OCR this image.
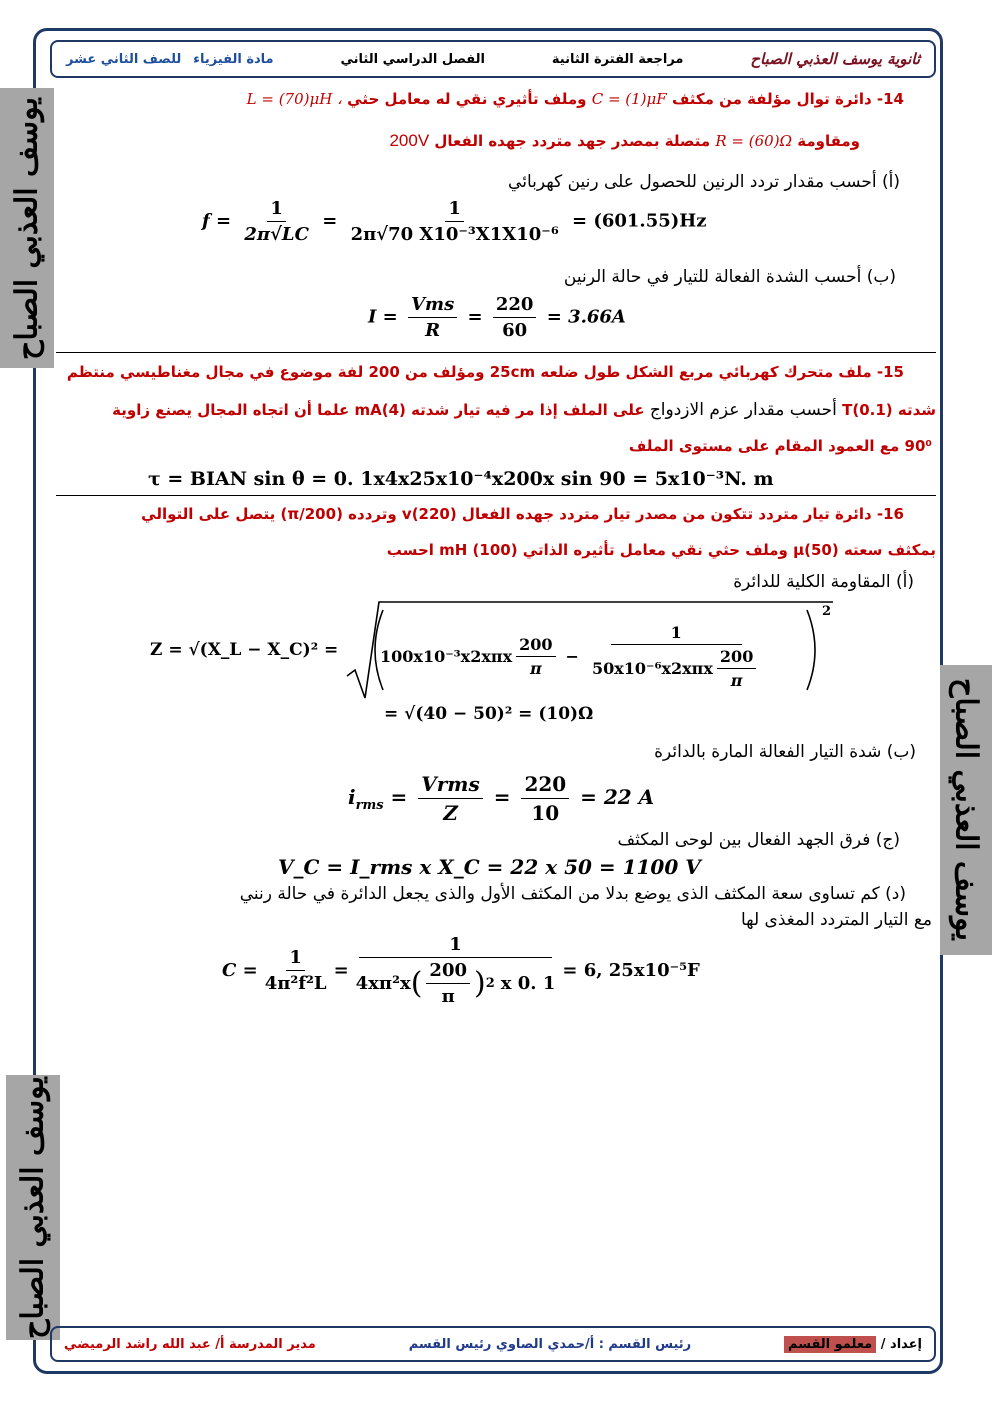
ثانوية يوسف العذبي الصباح
مراجعة الفترة الثانية
الفصل الدراسي الثاني
مادة الفيزياء
للصف الثاني عشر
يوسف العذبي الصباح
يوسف العذبي الصباح
يوسف العذبي الصباح
14- دائرة توال مؤلفة من مكثف C = (1)μF وملف تأثيري نقي له معامل حثي L = (70)μH ،
ومقاومة R = (60)Ω متصلة بمصدر جهد متردد جهده الفعال 200V
(أ) أحسب مقدار تردد الرنين للحصول على رنين كهربائي
$f = \frac{1}{2\pi√LC} = \frac{1}{\text{2π√70 X10⁻³X1X10⁻⁶}} = (601.55)Hz$
(ب) أحسب الشدة الفعالة للتيار في حالة الرنين
$I = \frac{\text{Vms}}{R} = \frac{220}{60} = 3.66A$
15- ملف متحرك كهربائي مربع الشكل طول ضلعه 25cm ومؤلف من 200 لفة موضوع في مجال مغناطيسي منتظم
شدته (0.1)T أحسب مقدار عزم الازدواج على الملف إذا مر فيه تيار شدته (4)mA علما أن اتجاه المجال يصنع زاوية
90⁰ مع العمود المقام على مستوى الملف
τ = BIAN sin θ = 0. 1x4x25x10⁻⁴x200x sin 90 = 5x10⁻³N. m
16- دائرة تيار متردد تتكون من مصدر تيار متردد جهده الفعال (220)v وتردده (200/π) يتصل على التوالي
بمكثف سعته μ(50) وملف حثي نقي معامل تأثيره الذاتي mH (100) احسب
(أ) المقاومة الكلية للدائرة
Z = √(X_L − X_C)² =	$100x10^{-3}x2x\pi x \frac{200}{\pi} - \frac{1}{50x10^{-6}x2x\pi x \frac{200}{\pi}}$
2
= √(40 − 50)² = (10)Ω
(ب) شدة التيار الفعالة المارة بالدائرة
$i_{rms} = \frac{\text{Vrms}}{Z} = \frac{220}{10} = 22$ A
(ج) فرق الجهد الفعال بين لوحى المكثف
V_C = I_rms x X_C = 22 x 50 = 1100 V
(د) كم تساوى سعة المكثف الذى يوضع بدلا من المكثف الأول والذى يجعل الدائرة في حالة رنني
مع التيار المتردد المغذى لها
$C = \frac{1}{\text{4π²f²L}} = \frac{1}{4x\pi^2x ( \frac{200}{\pi} ) 2 x 0. 1} = 6$, 25x10⁻⁵F
إعداد / معلمو القسم
رئيس القسم : أ/حمدي الصاوي رئيس القسم
مدير المدرسة أ/ عبد الله راشد الرميضي
